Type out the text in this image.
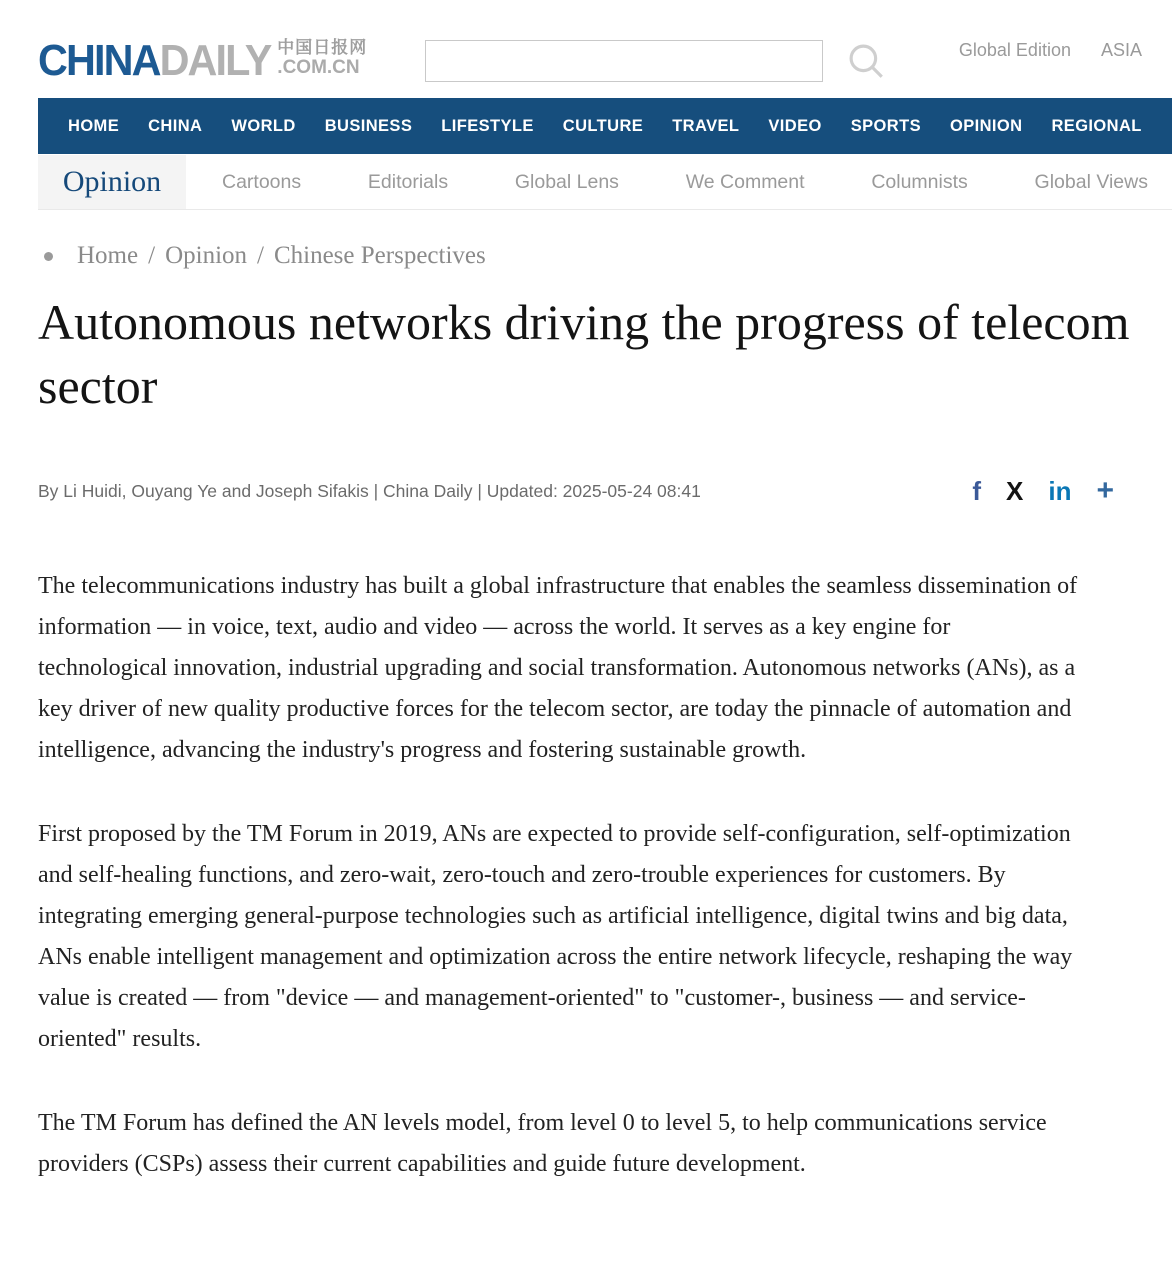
CHINADAILY 中国日报网
.COM.CN
Global Edition ASIA
HOME CHINA WORLD BUSINESS LIFESTYLE CULTURE TRAVEL VIDEO SPORTS OPINION REGIONAL
Opinion	Cartoons	Editorials	Global Lens	We Comment	Columnists	Global Views
Home / Opinion / Chinese Perspectives
Autonomous networks driving the progress of telecom sector
By Li Huidi, Ouyang Ye and Joseph Sifakis | China Daily | Updated: 2025-05-24 08:41	f X in +

The telecommunications industry has built a global infrastructure that enables the seamless dissemination of information — in voice, text, audio and video — across the world. It serves as a key engine for technological innovation, industrial upgrading and social transformation. Autonomous networks (ANs), as a key driver of new quality productive forces for the telecom sector, are today the pinnacle of automation and intelligence, advancing the industry's progress and fostering sustainable growth.

First proposed by the TM Forum in 2019, ANs are expected to provide self-configuration, self-optimization and self-healing functions, and zero-wait, zero-touch and zero-trouble experiences for customers. By integrating emerging general-purpose technologies such as artificial intelligence, digital twins and big data, ANs enable intelligent management and optimization across the entire network lifecycle, reshaping the way value is created — from "device — and management-oriented" to "customer-, business — and service-oriented" results.

The TM Forum has defined the AN levels model, from level 0 to level 5, to help communications service providers (CSPs) assess their current capabilities and guide future development.
